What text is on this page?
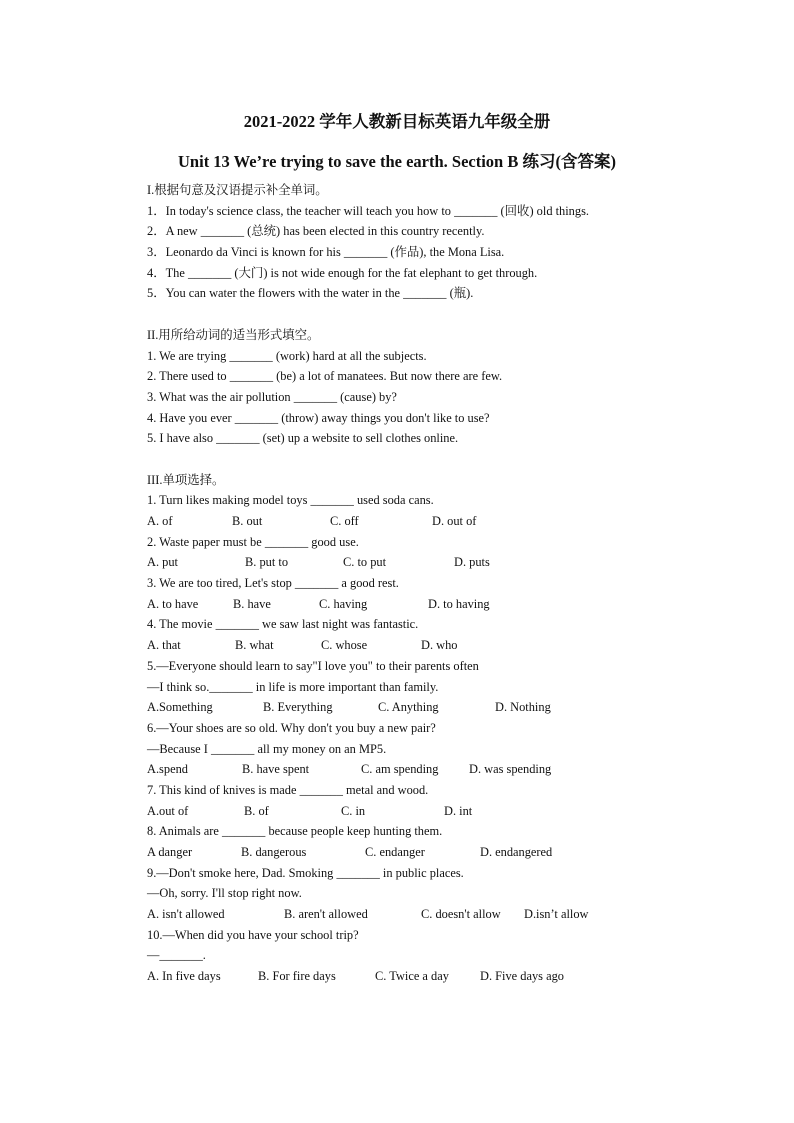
2021-2022 学年人教新目标英语九年级全册
Unit 13 We’re trying to save the earth. Section B 练习(含答案)
I.根据句意及汉语提示补全单词。
1．In today's science class, the teacher will teach you how to _______ (回收) old things.
2．A new _______ (总统) has been elected in this country recently.
3．Leonardo da Vinci is known for his _______ (作品), the Mona Lisa.
4．The _______ (大门) is not wide enough for the fat elephant to get through.
5．You can water the flowers with the water in the _______ (瓶).
II.用所给动词的适当形式填空。
1. We are trying _______ (work) hard at all the subjects.
2. There used to _______ (be) a lot of manatees. But now there are few.
3. What was the air pollution _______ (cause) by?
4. Have you ever _______ (throw) away things you don't like to use?
5. I have also _______ (set) up a website to sell clothes online.
III.单项选择。
1. Turn likes making model toys _______ used soda cans.
A. of	B. out	C. off	D. out of
2. Waste paper must be _______ good use.
A. put	B. put to	C. to put	D. puts
3. We are too tired, Let's stop _______ a good rest.
A. to have	B. have	C. having	D. to having
4. The movie _______ we saw last night was fantastic.
A. that	B. what	C. whose	D. who
5.—Everyone should learn to say"I love you" to their parents often
—I think so._______ in life is more important than family.
A.Something	B. Everything	C. Anything	D. Nothing
6.—Your shoes are so old. Why don't you buy a new pair?
—Because I _______ all my money on an MP5.
A.spend	B. have spent	C. am spending D. was spending
7. This kind of knives is made _______ metal and wood.
A.out of	B. of	C. in	D. int
8. Animals are _______ because people keep hunting them.
A danger	B. dangerous	C. endanger	D. endangered
9.—Don't smoke here, Dad. Smoking _______ in public places.
—Oh, sorry. I'll stop right now.
A. isn't allowed	B. aren't allowed	C. doesn't allow D.isn’t allow
10.—When did you have your school trip?
—_______.
A. In five days	B. For fire days	C. Twice a day	D. Five days ago
